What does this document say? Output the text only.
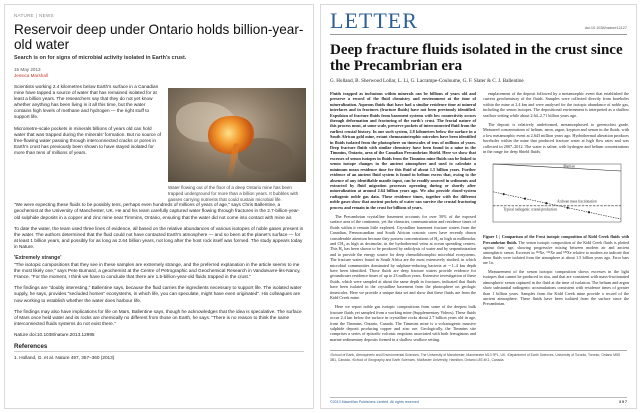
NATURE | NEWS
Reservoir deep under Ontario holds billion-year-old water
Search is on for signs of microbial activity isolated in Earth's crust.
15 May 2013
Jessica Marshall

Scientists working 2.4 kilometres below Earth's surface in a Canadian mine have tapped a source of water that has remained isolated for at least a billion years. The researchers say that they do not yet know whether anything has been living in it all this time, but the water contains high levels of methane and hydrogen — the right stuff to support life.

Micrometre-scale pockets in minerals billions of years old can hold water that was trapped during the minerals' formation. But no source of free-flowing water passing through interconnected cracks or pores in Earth's crust has previously been shown to have stayed isolated for more than tens of millions of years.

Water flowing out of the floor of a deep Ontario mine has been trapped underground for more than a billion years. It bubbles with gasses carrying nutrients that could sustain microbial life.

"We were expecting these fluids to be possibly tens, perhaps even hundreds of millions of years of age," says Chris Ballentine, a geochemist at the University of Manchester, UK. He and his team carefully captured water flowing through fractures in the 2.7-billion-year-old sulphide deposits in a copper and zinc mine near Timmins, Ontario, ensuring that the water did not come into contact with mine air.

To date the water, the team used three lines of evidence, all based on the relative abundances of various isotopes of noble gases present in the water. The authors determined that the fluid could not have contacted Earth's atmosphere — and so been at the planet's surface — for at least 1 billion years, and possibly for as long as 2.64 billion years, not long after the host rock itself was formed. The study appears today in Nature.

'Extremely strange'

"The isotopic compositions that they see in these samples are extremely strange, and the preferred explanation in the article seems to me the most likely one," says Pete Burnard, a geochemist at the Centre of Petrographic and Geochemical Research in Vandœuvre-lès-Nancy, France. "For the moment, I think we have to conclude that there are 1.5-billion-year-old fluids trapped in the crust."

The findings are "doubly interesting," Ballentine says, because the fluid carries the ingredients necessary to support life. The isolated water supply, he says, provides "secluded homes" ecosystems, in which life, you can speculate, might have even originated". His colleagues are now working to establish whether the water does harbour life.

The findings may also have implications for life on Mars, Ballentine says, though he acknowledges that the idea is speculative. The surface of Mars once held water and its rocks are chemically no different from those on Earth, he says. "There is no reason to think the same interconnected fluids systems do not exist there."

Nature doi:10.1038/nature.2013.12995

References
1. Holland, G. et al. Nature 497, 357–360 (2013)
LETTER	doi:10.1038/nature12127
Deep fracture fluids isolated in the crust since the Precambrian era
G. Holland, B. Sherwood Lollar, L. Li, G. Lacrampe-Couloume, G. F. Slater & C. J. Ballentine

Fluids trapped as inclusions within minerals can be billions of years old and preserve a record of the fluid chemistry and environment at the time of mineralization. Aqueous fluids that have had a similar residence time at mineral interfaces and in fractures (fracture fluids) have not been previously identified. Expulsion of fracture fluids from basement systems with low connectivity occurs through deformation and fracturing of the earth's crust. The fractal nature of this process must, at some scale, preserve pockets of interconnected fluid from the earliest crustal history. In one such system, 2.8 kilometres below the surface in a South African gold mine, extant chemoautotrophic microbes have been identified in fluids isolated from the photosphere on timescales of tens of millions of years. Deep fracture fluids with similar chemistry have been found in a mine in the Timmins, Ontario, area of the Canadian Precambrian Shield. Here we show that excesses of xenon isotopes in fluids from the Timmins mine fluids can be linked to xenon isotope changes in the ancient atmosphere and used to calculate a minimum mean residence time for this fluid of about 1.5 billion years. Further evidence of an ancient fluid system is found in helium excess that, owing to the absence of any identifiable mantle input, can be readily sourced in sediments and extracted by fluid migration processes operating during or shortly after mineralization at around 2.64 billion years ago. We also provide closed-system radiogenic noble gas data. These residence times, together with the different noble gases show that ancient pockets of water can survive the crustal fracturing process and remain in the crust for billions of years.

The Precambrian crystalline basement accounts for over 50% of the exposed surface area of the continents, yet the character, communication and residence times of fluids within it remain little explored. Crystalline basement fracture waters from the Canadian, Fennoscandian and South African cratonic cores have recently drawn considerable attention because they possess concentrations of H₂ as high as millimolar, and CH₄ as high as decimolar, in the hydrothermal veins at ocean spreading centres. This H₂ has been shown to be produced by radiolysis of water and by serpentinization and to provide the energy source for deep chemolithotrophic microbial ecosystems. The fracture waters found in South Africa are the most extensively studied, in which microbial communities dominated by sulphate-reducing bacteria at ∼1–4 km depth have been identified. Those fluids are deep fracture waters provide evidence for groundwater residence times of up to 23 million years. Extensive investigation of these fluids, which were sampled at about the same depth in fractures, indicated that fluids have been isolated in the crystalline basement from the photosphere on geologic timescales. Here we provide a unique data set and show that these fluids are from the Kidd Creek mine.

Here we report noble gas isotopic compositions from some of the deepest bulk fracture fluids yet sampled from a working mine (Supplementary Videos). These fluids occur 2.4 km below the surface in crystalline rocks about 2.7 billion years old in age, from the Timmins, Ontario, Canada. The Timmins mine is a volcanogenic massive sulphide deposit producing copper and zinc ore. Geologically, the Timmins site comprises a series of episodic volcanic eruptions associated with both ferruginous and marine sedimentary deposits formed in a shallow seafloor setting.

emplacement of the deposit followed by a metamorphic event that established the current geochemistry of the fluids. Samples were collected directly from boreholes within the mine at 2.4 km and were analysed for the isotopic abundance of noble gas, including the xenon isotopes. The depositional environment is interpreted as a shallow seafloor setting while about 2.64–2.71 billion years ago.

The deposit is relatively undeformed, metamorphosed to greenschist grade. Measured concentrations of helium, neon, argon, krypton and xenon in the fluids, with a low metamorphic event at 2,643 million years ago. Hydrothermal alteration produces boreholes within the mine that produced fracture water at high flow rates and was collected in 2007–2012. The water is saline, with hydrogen and helium concentrations in the range for deep Shield fluids.

Martian
Archean mass fractionation
Typical radiogenic crustal production
Figure 1 | Comparison of the Frost isotopic composition of Kidd Creek fluids with Precambrian fluids. The xenon isotopic composition of the Kidd Creek fluids is plotted against their age, showing progressive mixing between modern air and ancient atmospheric xenon. Excesses in ¹²⁴Xe, ¹²⁶Xe and ¹²⁸Xe relative to modern air indicate that these fluids were isolated from the atmosphere at about 1.5 billion years ago. Error bars are 1σ.

Measurement of the xenon isotopic composition shows excesses in the light isotopes that cannot be produced in situ, and that are consistent with mass-fractionated atmospheric xenon captured in the fluid at the time of isolation. The helium and argon show substantial radiogenic accumulations consistent with residence times of greater than 1 billion years. Samples from the Kidd Creek mine provide a record of the ancient atmosphere. These fluids have been isolated from the surface since the Precambrian.

¹School of Earth, Atmospheric and Environmental Sciences, The University of Manchester, Manchester M13 9PL, UK. ²Department of Earth Sciences, University of Toronto, Toronto, Ontario M5S 3B1, Canada. ³School of Geography and Earth Sciences, McMaster University, Hamilton, Ontario L8S 4K1, Canada.
©2013 Macmillan Publishers Limited. All rights reserved	3 5 7
